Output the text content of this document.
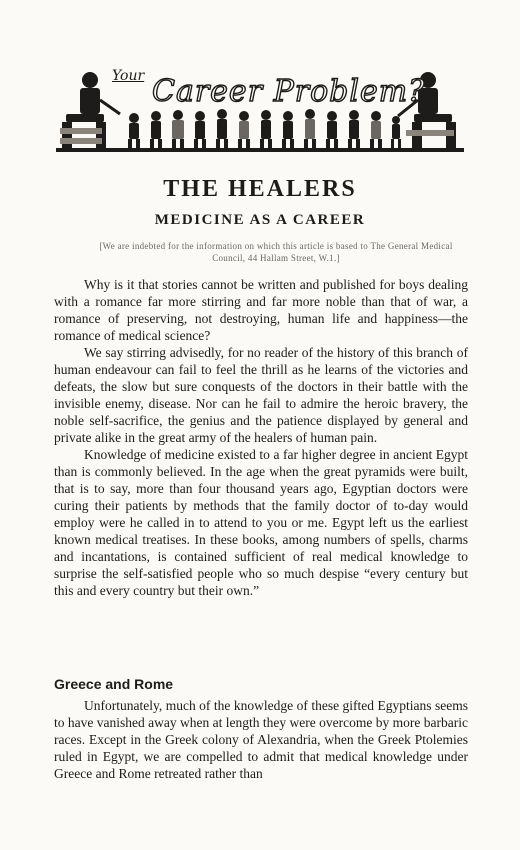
Your Career Problem?
THE HEALERS
MEDICINE AS A CAREER

[We are indebted for the information on which this article is based to The General Medical Council, 44 Hallam Street, W.1.]

Why is it that stories cannot be written and published for boys dealing with a romance far more stirring and far more noble than that of war, a romance of preserving, not destroying, human life and happiness—the romance of medical science?

We say stirring advisedly, for no reader of the history of this branch of human endeavour can fail to feel the thrill as he learns of the victories and defeats, the slow but sure conquests of the doctors in their battle with the invisible enemy, disease. Nor can he fail to admire the heroic bravery, the noble self-sacrifice, the genius and the patience displayed by general and private alike in the great army of the healers of human pain.

Knowledge of medicine existed to a far higher degree in ancient Egypt than is commonly believed. In the age when the great pyramids were built, that is to say, more than four thousand years ago, Egyptian doctors were curing their patients by methods that the family doctor of to-day would employ were he called in to attend to you or me. Egypt left us the earliest known medical treatises. In these books, among numbers of spells, charms and incantations, is contained sufficient of real medical knowledge to surprise the self-satisfied people who so much despise “every century but this and every country but their own.”

Greece and Rome

Unfortunately, much of the knowledge of these gifted Egyptians seems to have vanished away when at length they were overcome by more barbaric races. Except in the Greek colony of Alexandria, when the Greek Ptolemies ruled in Egypt, we are compelled to admit that medical knowledge under Greece and Rome retreated rather than
